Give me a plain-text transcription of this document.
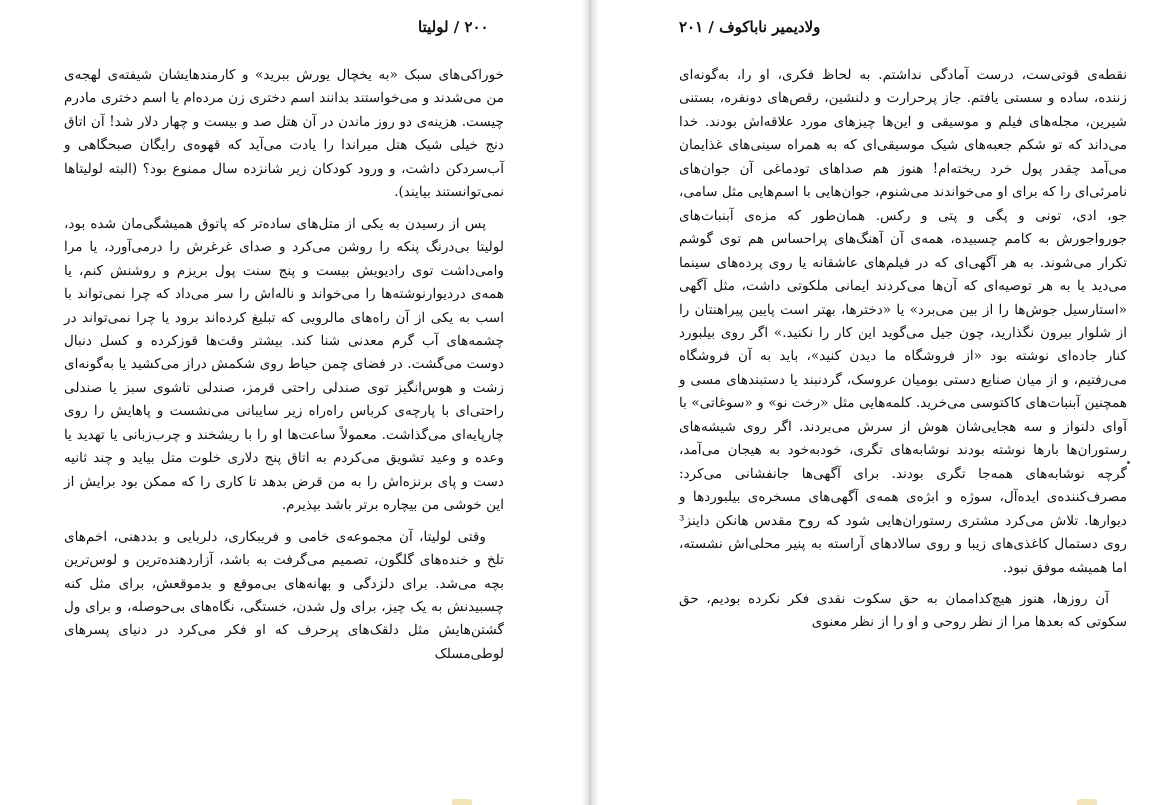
۲۰۰ / لولیتا

خوراکی‌های سبک «به یخچال یورش ببرید» و کارمندهایشان شیفته‌ی لهجه‌ی من می‌شدند و می‌خواستند بدانند اسم دختری زن مرده‌ام یا اسم دختری مادرم چیست. هزینه‌ی دو روز ماندن در آن هتل صد و بیست و چهار دلار شد! آن اتاق دنج خیلی شیک هتل میراندا را یادت می‌آید که قهوه‌ی رایگان صبحگاهی و آب‌سردکن داشت، و ورود کودکان زیر شانزده سال ممنوع بود؟ (البته لولیتاها نمی‌توانستند بیایند).

پس از رسیدن به یکی از متل‌های ساده‌تر که پاتوق همیشگی‌مان شده بود، لولیتا بی‌درنگ پنکه را روشن می‌کرد و صدای غرغرش را درمی‌آورد، یا مرا وامی‌داشت توی رادیویش بیست و پنج سنت پول بریزم و روشنش کنم، یا همه‌ی دردیوارنوشته‌ها را می‌خواند و ناله‌اش را سر می‌داد که چرا نمی‌تواند با اسب به یکی از آن راه‌های مالرویی که تبلیغ کرده‌اند برود یا چرا نمی‌تواند در چشمه‌های آب گرم معدنی شنا کند. بیشتر وقت‌ها قوزکرده و کسل دنبال دوست می‌گشت. در فضای چمن حیاط روی شکمش دراز می‌کشید یا به‌گونه‌ای زشت و هوس‌انگیز توی صندلی راحتی قرمز، صندلی تاشوی سبز یا صندلی راحتی‌ای با پارچه‌ی کرباس راه‌راه زیر سایبانی می‌نشست و پاهایش را روی چارپایه‌ای می‌گذاشت. معمولاً ساعت‌ها او را با ریشخند و چرب‌زبانی یا تهدید یا وعده و وعید تشویق می‌کردم به اتاق پنج دلاری خلوت متل بیاید و چند ثانیه دست و پای برنزه‌اش را به من قرض بدهد تا کاری را که ممکن بود برایش از این خوشی من بیچاره برتر باشد بپذیرم.

وقتی لولیتا، آن مجموعه‌ی خامی و فریبکاری، دلربایی و بددهنی، اخم‌های تلخ و خنده‌های گلگون، تصمیم می‌گرفت به باشد، آزاردهنده‌ترین و لوس‌ترین بچه می‌شد. برای دلزدگی و بهانه‌های بی‌موقع و بدموقعش، برای مثل کنه چسبیدنش به یک چیز، برای ول شدن، خستگی، نگاه‌های بی‌حوصله، و برای ول گشتن‌هایش مثل دلقک‌های پرحرف که او فکر می‌کرد در دنیای پسرهای لوطی‌مسلک

ولادیمیر ناباکوف / ۲۰۱

نقطه‌ی قوتی‌ست، درست آمادگی نداشتم. به لحاظ فکری، او را، به‌گونه‌ای زننده، ساده و سستی یافتم. جاز پرحرارت و دلنشین، رقص‌های دونفره، بستنی شیرین، مجله‌های فیلم و موسیقی و این‌ها چیزهای مورد علاقه‌اش بودند. خدا می‌داند که تو شکم جعبه‌های شیک موسیقی‌ای که به همراه سینی‌های غذایمان می‌آمد چقدر پول خرد ریخته‌ام! هنوز هم صداهای تودماغی آن جوان‌های نامرئی‌ای را که برای او می‌خواندند می‌شنوم، جوان‌هایی با اسم‌هایی مثل سامی، جو، ادی، تونی و پگی و پتی و رکس. همان‌طور که مزه‌ی آبنبات‌های جورواجورش به کامم چسبیده، همه‌ی آن آهنگ‌های پراحساس هم توی گوشم تکرار می‌شوند. به هر آگهی‌ای که در فیلم‌های عاشقانه یا روی پرده‌های سینما می‌دید یا به هر توصیه‌ای که آن‌ها می‌کردند ایمانی ملکوتی داشت، مثل آگهی «استارسیل جوش‌ها را از بین می‌برد» یا «دخترها، بهتر است پایین پیراهنتان را از شلوار بیرون نگذارید، چون جیل می‌گوید این کار را نکنید.» اگر روی بیلبورد کنار جاده‌ای نوشته بود «از فروشگاه ما دیدن کنید»، باید به آن فروشگاه می‌رفتیم، و از میان صنایع دستی بومیان عروسک، گردنبند یا دستبندهای مسی و همچنین آبنبات‌های کاکتوسی می‌خرید. کلمه‌هایی مثل «رخت نو» و «سوغاتی» با آوای دلنواز و سه هجایی‌شان هوش از سرش می‌بردند. اگر روی شیشه‌های رستوران‌ها بارها نوشته بودند نوشابه‌های تگری، خودبه‌خود به هیجان می‌آمد، گرچه نوشابه‌های همه‌جا تگری بودند. برای آگهی‌ها جانفشانی می‌کرد: مصرف‌کننده‌ی ایده‌آل، سوژه و ابژه‌ی همه‌ی آگهی‌های مسخره‌ی بیلبوردها و دیوارها. تلاش می‌کرد مشتری رستوران‌هایی شود که روح مقدس هانکن داینز³ روی دستمال کاغذی‌های زیبا و روی سالادهای آراسته به پنیر محلی‌اش نشسته، اما همیشه موفق نبود.

آن روزها، هنوز هیچ‌کداممان به حق سکوت نقدی فکر نکرده بودیم، حق سکوتی که بعدها مرا از نظر روحی و او را از نظر معنوی
